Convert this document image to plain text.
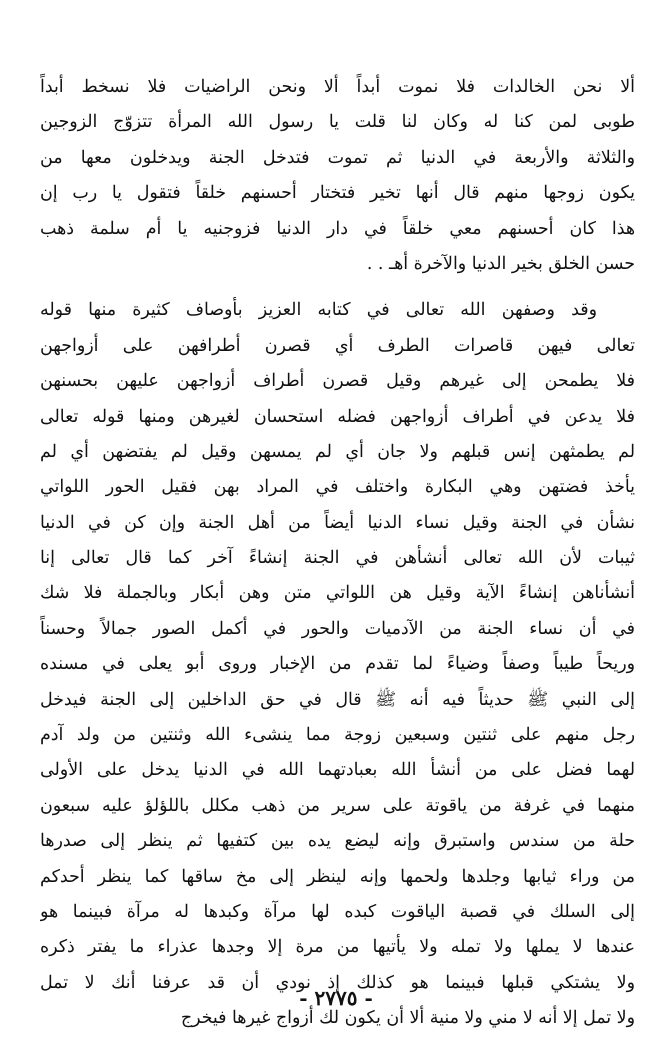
ألا نحن الخالدات فلا نموت أبداً ألا ونحن الراضيات فلا نسخط أبداً
طوبى لمن كنا له وكان لنا قلت يا رسول الله المرأة تتزوّج الزوجين
والثلاثة والأربعة في الدنيا ثم تموت فتدخل الجنة ويدخلون معها من
يكون زوجها منهم قال أنها تخير فتختار أحسنهم خلقاً فتقول يا رب إن
هذا كان أحسنهم معي خلقاً في دار الدنيا فزوجنيه يا أم سلمة ذهب
حسن الخلق بخير الدنيا والآخرة أهـ . .
وقد وصفهن الله تعالى في كتابه العزيز بأوصاف كثيرة منها قوله
تعالى فيهن قاصرات الطرف أي قصرن أطرافهن على أزواجهن
فلا يطمحن إلى غيرهم وقيل قصرن أطراف أزواجهن عليهن بحسنهن
فلا يدعن في أطراف أزواجهن فضله استحسان لغيرهن ومنها قوله تعالى
لم يطمثهن إنس قبلهم ولا جان أي لم يمسهن وقيل لم يفتضهن أي لم
يأخذ فضتهن وهي البكارة واختلف في المراد بهن فقيل الحور اللواتي
نشأن في الجنة وقيل نساء الدنيا أيضاً من أهل الجنة وإن كن في الدنيا
ثيبات لأن الله تعالى أنشأهن في الجنة إنشاءً آخر كما قال تعالى إنا
أنشأناهن إنشاءً الآية وقيل هن اللواتي متن وهن أبكار وبالجملة فلا شك
في أن نساء الجنة من الآدميات والحور في أكمل الصور جمالاً وحسناً
وريحاً طيباً وصفاً وضياءً لما تقدم من الإخبار وروى أبو يعلى في مسنده
إلى النبي ﷺ حديثاً فيه أنه ﷺ قال في حق الداخلين إلى الجنة فيدخل
رجل منهم على ثنتين وسبعين زوجة مما ينشىء الله وثنتين من ولد آدم
لهما فضل على من أنشأ الله بعبادتهما الله في الدنيا يدخل على الأولى
منهما في غرفة من ياقوتة على سرير من ذهب مكلل باللؤلؤ عليه سبعون
حلة من سندس واستبرق وإنه ليضع يده بين كتفيها ثم ينظر إلى صدرها
من وراء ثيابها وجلدها ولحمها وإنه لينظر إلى مخ ساقها كما ينظر أحدكم
إلى السلك في قصبة الياقوت كبده لها مرآة وكبدها له مرآة فبينما هو
عندها لا يملها ولا تمله ولا يأتيها من مرة إلا وجدها عذراء ما يفتر ذكره
ولا يشتكي قبلها فبينما هو كذلك إذ نودي أن قد عرفنا أنك لا تمل
ولا تمل إلا أنه لا مني ولا منية ألا أن يكون لك أزواج غيرها فيخرج
- ٢٧٧٥ -
